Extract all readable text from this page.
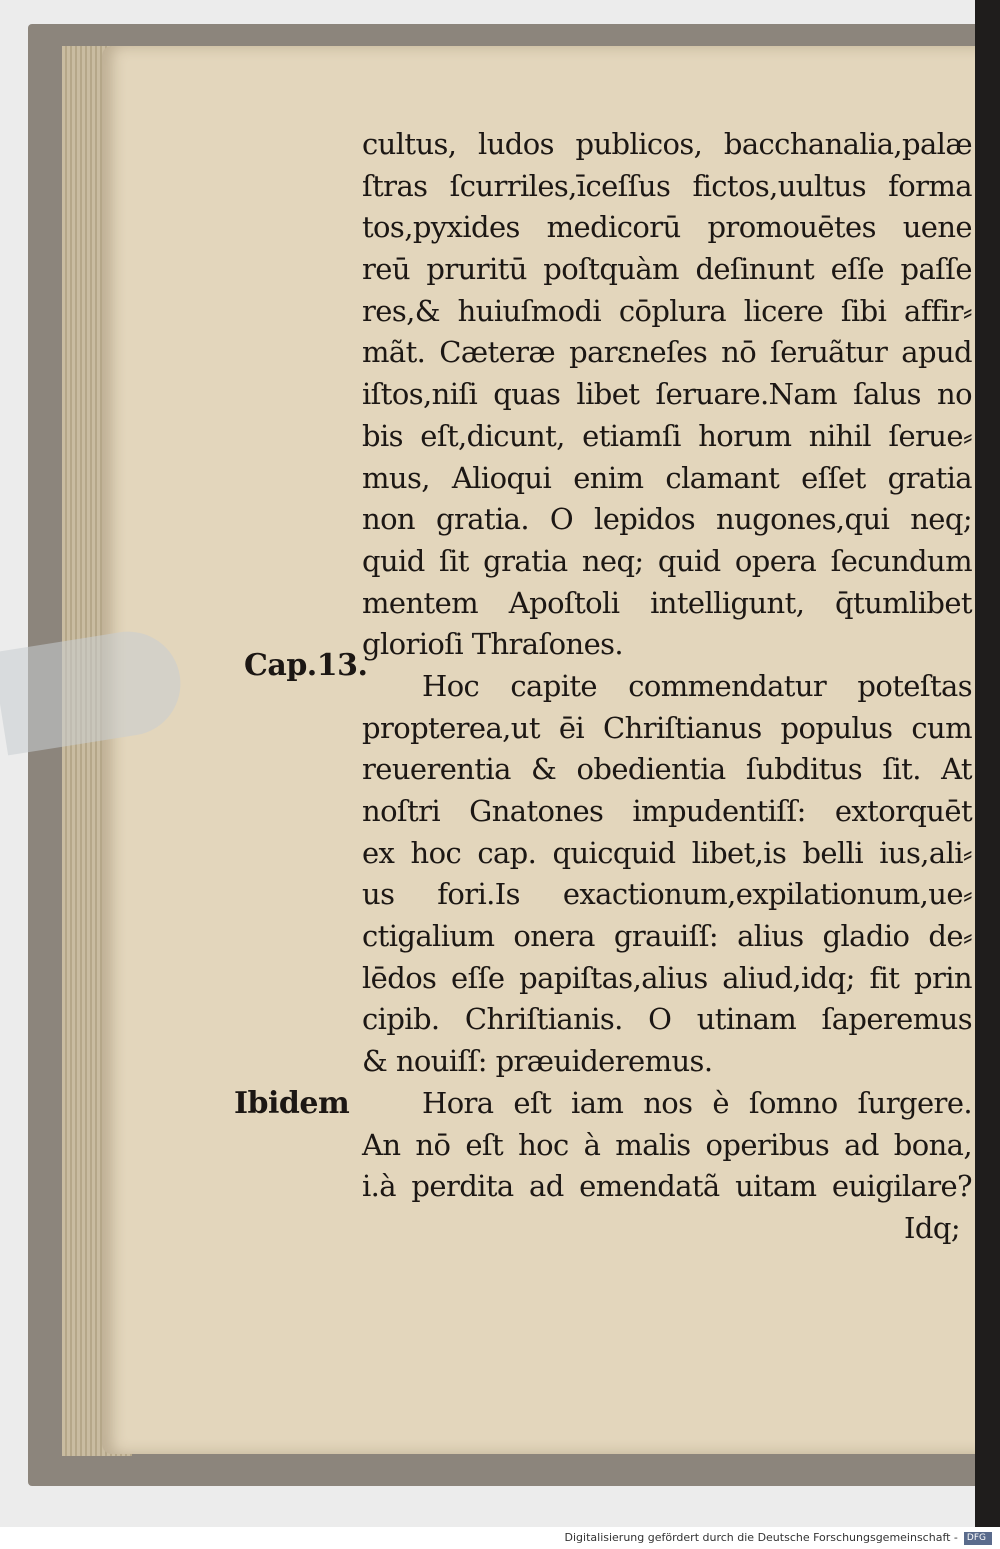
cultus, ludos publicos, bacchanalia,palæ
ſtras ſcurriles,īceſſus fictos,uultus forma
tos,pyxides medicorū promouētes uene
reū pruritū poſtquàm deſinunt eſſe paſſe
res,& huiuſmodi cōplura licere ſibi affir⸗
mãt. Cæteræ parεneſes nō ſeruãtur apud
iſtos,niſi quas libet ſeruare.Nam ſalus no
bis eſt,dicunt, etiamſi horum nihil ſerue⸗
mus, Alioqui enim clamant eſſet gratia
non gratia. O lepidos nugones,qui neq;
quid ſit gratia neq; quid opera ſecundum
mentem Apoſtoli intelligunt, q̄tumlibet
glorioſi Thraſones.
Hoc capite commendatur poteſtas
propterea,ut ēi Chriſtianus populus cum
reuerentia & obedientia ſubditus ſit. At
noſtri Gnatones impudentiſſ: extorquēt
ex hoc cap. quicquid libet,is belli ius,ali⸗
us fori.Is exactionum,expilationum,ue⸗
ctigalium onera grauiſſ: alius gladio de⸗
lēdos eſſe papiſtas,alius aliud,idq; fit prin
cipib. Chriſtianis. O utinam ſaperemus
& nouiſſ: præuideremus.
Hora eſt iam nos è ſomno ſurgere.
An nō eſt hoc à malis operibus ad bona,
i.à perdita ad emendatã uitam euigilare?
Idq;
Cap.13.
Ibidem
Digitalisierung gefördert durch die Deutsche Forschungsgemeinschaft - DFG
